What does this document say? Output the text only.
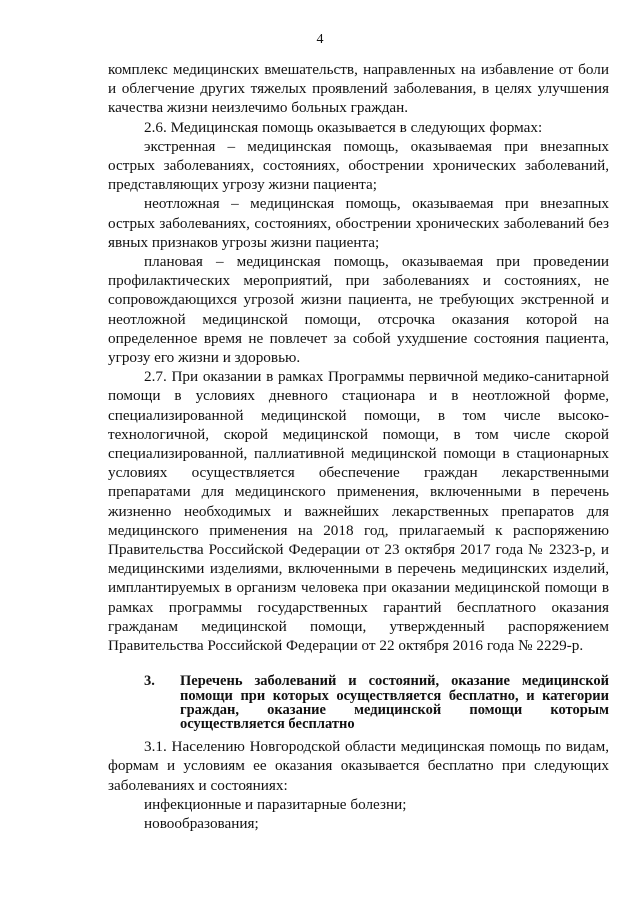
4

комплекс медицинских вмешательств, направленных на избавление от боли и облегчение других тяжелых проявлений заболевания, в целях улучшения качества жизни неизлечимо больных граждан.

2.6. Медицинская помощь оказывается в следующих формах:

экстренная – медицинская помощь, оказываемая при внезапных острых заболеваниях, состояниях, обострении хронических заболеваний, представляющих угрозу жизни пациента;

неотложная – медицинская помощь, оказываемая при внезапных острых заболеваниях, состояниях, обострении хронических заболеваний без явных признаков угрозы жизни пациента;

плановая – медицинская помощь, оказываемая при проведении профилактических мероприятий, при заболеваниях и состояниях, не сопровождающихся угрозой жизни пациента, не требующих экстренной и неотложной медицинской помощи, отсрочка оказания которой на определенное время не повлечет за собой ухудшение состояния пациента, угрозу его жизни и здоровью.

2.7. При оказании в рамках Программы первичной медико-санитарной помощи в условиях дневного стационара и в неотложной форме, специализированной медицинской помощи, в том числе высоко-технологичной, скорой медицинской помощи, в том числе скорой специализированной, паллиативной медицинской помощи в стационарных условиях осуществляется обеспечение граждан лекарственными препаратами для медицинского применения, включенными в перечень жизненно необходимых и важнейших лекарственных препаратов для медицинского применения на 2018 год, прилагаемый к распоряжению Правительства Российской Федерации от 23 октября 2017 года № 2323-р, и медицинскими изделиями, включенными в перечень медицинских изделий, имплантируемых в организм человека при оказании медицинской помощи в рамках программы государственных гарантий бесплатного оказания гражданам медицинской помощи, утвержденный распоряжением Правительства Российской Федерации от 22 октября 2016 года № 2229-р.

3.	Перечень заболеваний и состояний, оказание медицинской помощи при которых осуществляется бесплатно, и категории граждан, оказание медицинской помощи которым осуществляется бесплатно

3.1. Населению Новгородской области медицинская помощь по видам, формам и условиям ее оказания оказывается бесплатно при следующих заболеваниях и состояниях:

инфекционные и паразитарные болезни;

новообразования;
